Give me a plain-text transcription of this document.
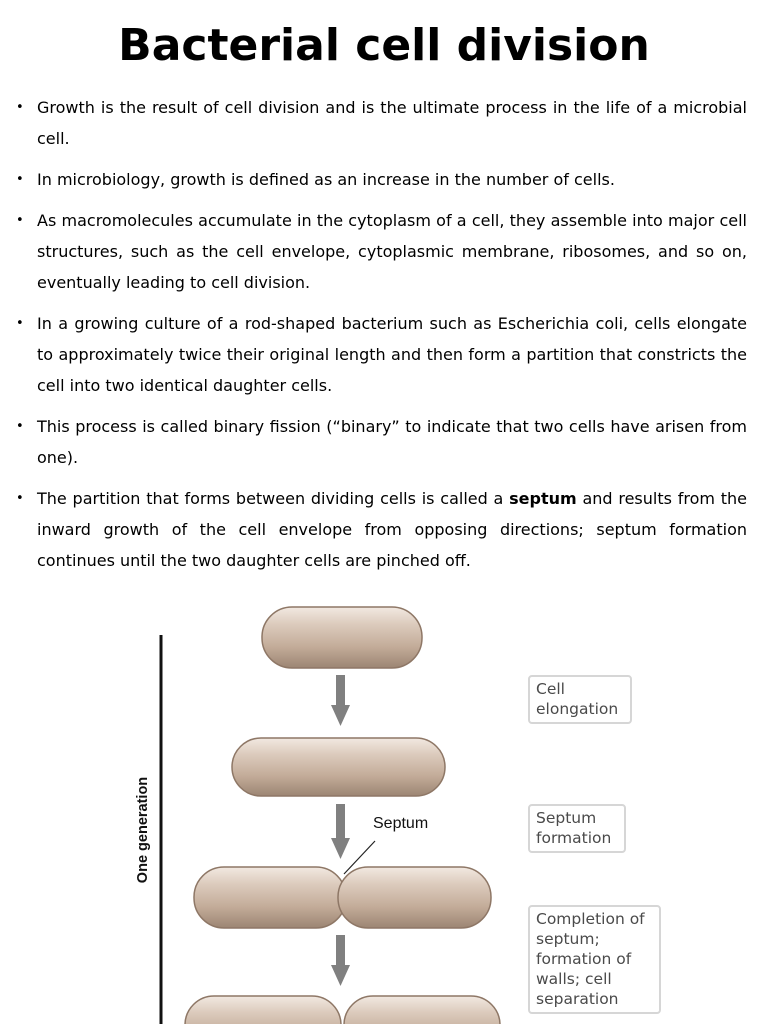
Bacterial cell division
• Growth is the result of cell division and is the ultimate process in the life of a microbial cell.
• In microbiology, growth is defined as an increase in the number of cells.
• As macromolecules accumulate in the cytoplasm of a cell, they assemble into major cell structures, such as the cell envelope, cytoplasmic membrane, ribosomes, and so on, eventually leading to cell division.
• In a growing culture of a rod-shaped bacterium such as Escherichia coli, cells elongate to approximately twice their original length and then form a partition that constricts the cell into two identical daughter cells.
• This process is called binary fission (“binary” to indicate that two cells have arisen from one).
• The partition that forms between dividing cells is called a septum and results from the inward growth of the cell envelope from opposing directions; septum formation continues until the two daughter cells are pinched off.
One generation	Septum
Cell
elongation
Septum
formation
Completion of
septum;
formation of
walls; cell
separation
